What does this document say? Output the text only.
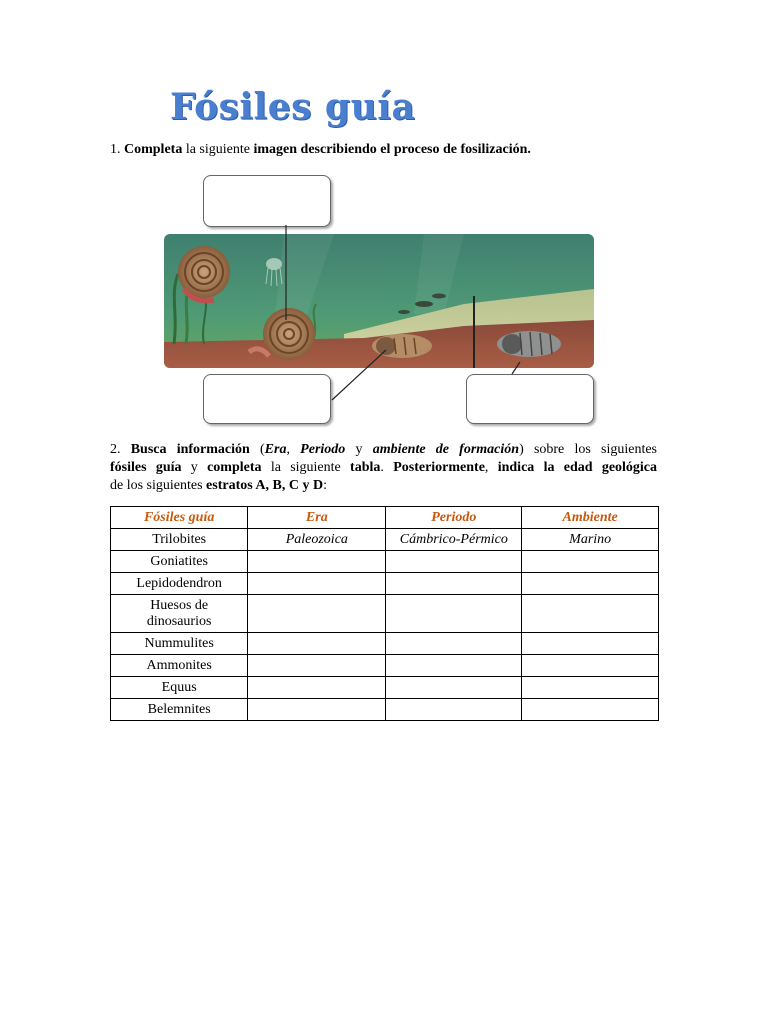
Fósiles guía
1. Completa la siguiente imagen describiendo el proceso de fosilización.
2. Busca información (Era, Periodo y ambiente de formación) sobre los siguientes
fósiles guía y completa la siguiente tabla. Posteriormente, indica la edad geológica
de los siguientes estratos A, B, C y D:
Fósiles guía	Era	Periodo	Ambiente
Trilobites	Paleozoica	Cámbrico-Pérmico	Marino
Goniatites			
Lepidodendron			
Huesos de
dinosaurios			
Nummulites			
Ammonites			
Equus			
Belemnites			
